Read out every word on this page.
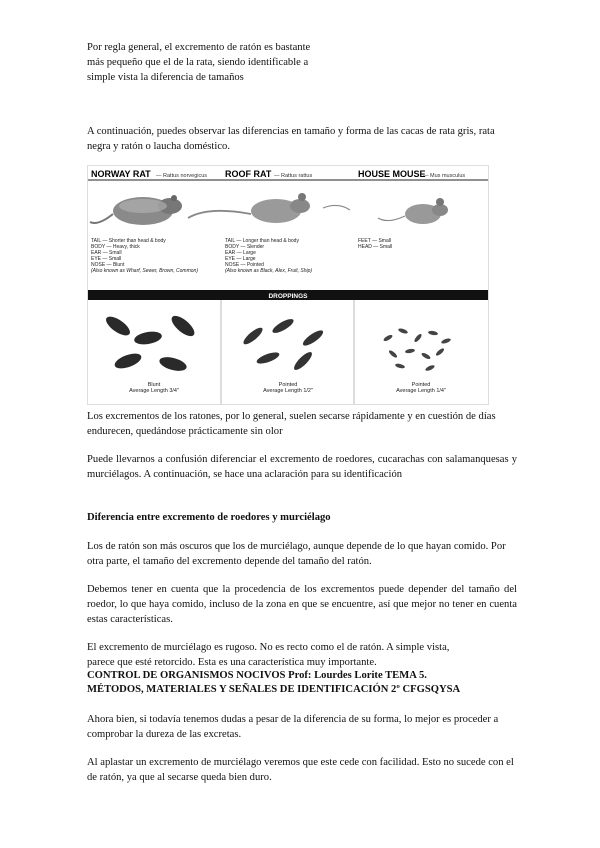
Por regla general, el excremento de ratón es bastante

más pequeño que el de la rata, siendo identificable a

simple vista la diferencia de tamaños

A continuación, puedes observar las diferencias en tamaño y forma de las cacas de rata gris, rata negra y ratón o laucha doméstico.

NORWAY RAT — Rattus norvegicus ROOF RAT — Rattus rattus	HOUSE MOUSE
— Mus musculus
TAIL — Shorter than head & body
BODY — Heavy, thick
EAR — Small
EYE — Small
NOSE — Blunt
(Also known as Wharf, Sewer, Brown, Common)
TAIL — Longer than head & body
BODY — Slender
EAR — Large
EYE — Large
NOSE — Pointed
(Also known as Black, Alex, Fruit, Ship)
FEET — Small
HEAD — Small
DROPPINGS
Blunt
Average Length 3/4"
Pointed
Average Length 1/2"
Pointed
Average Length 1/4"

Los excrementos de los ratones, por lo general, suelen secarse rápidamente y en cuestión de días endurecen, quedándose prácticamente sin olor

Puede llevarnos a confusión diferenciar el excremento de roedores, cucarachas con salamanquesas y murciélagos. A continuación, se hace una aclaración para su identificación

Diferencia entre excremento de roedores y murciélago

Los de ratón son más oscuros que los de murciélago, aunque depende de lo que hayan comido. Por otra parte, el tamaño del excremento depende del tamaño del ratón.

Debemos tener en cuenta que la procedencia de los excrementos puede depender del tamaño del roedor, lo que haya comido, incluso de la zona en que se encuentre, así que mejor no tener en cuenta estas características.

El excremento de murciélago es rugoso. No es recto como el de ratón. A simple vista,

parece que esté retorcido. Esta es una característica muy importante.

CONTROL DE ORGANISMOS NOCIVOS Prof: Lourdes Lorite TEMA 5.

MÉTODOS, MATERIALES Y SEÑALES DE IDENTIFICACIÓN 2º CFGSQYSA

Ahora bien, si todavía tenemos dudas a pesar de la diferencia de su forma, lo mejor es proceder a comprobar la dureza de las excretas.

Al aplastar un excremento de murciélago veremos que este cede con facilidad. Esto no sucede con el de ratón, ya que al secarse queda bien duro.
